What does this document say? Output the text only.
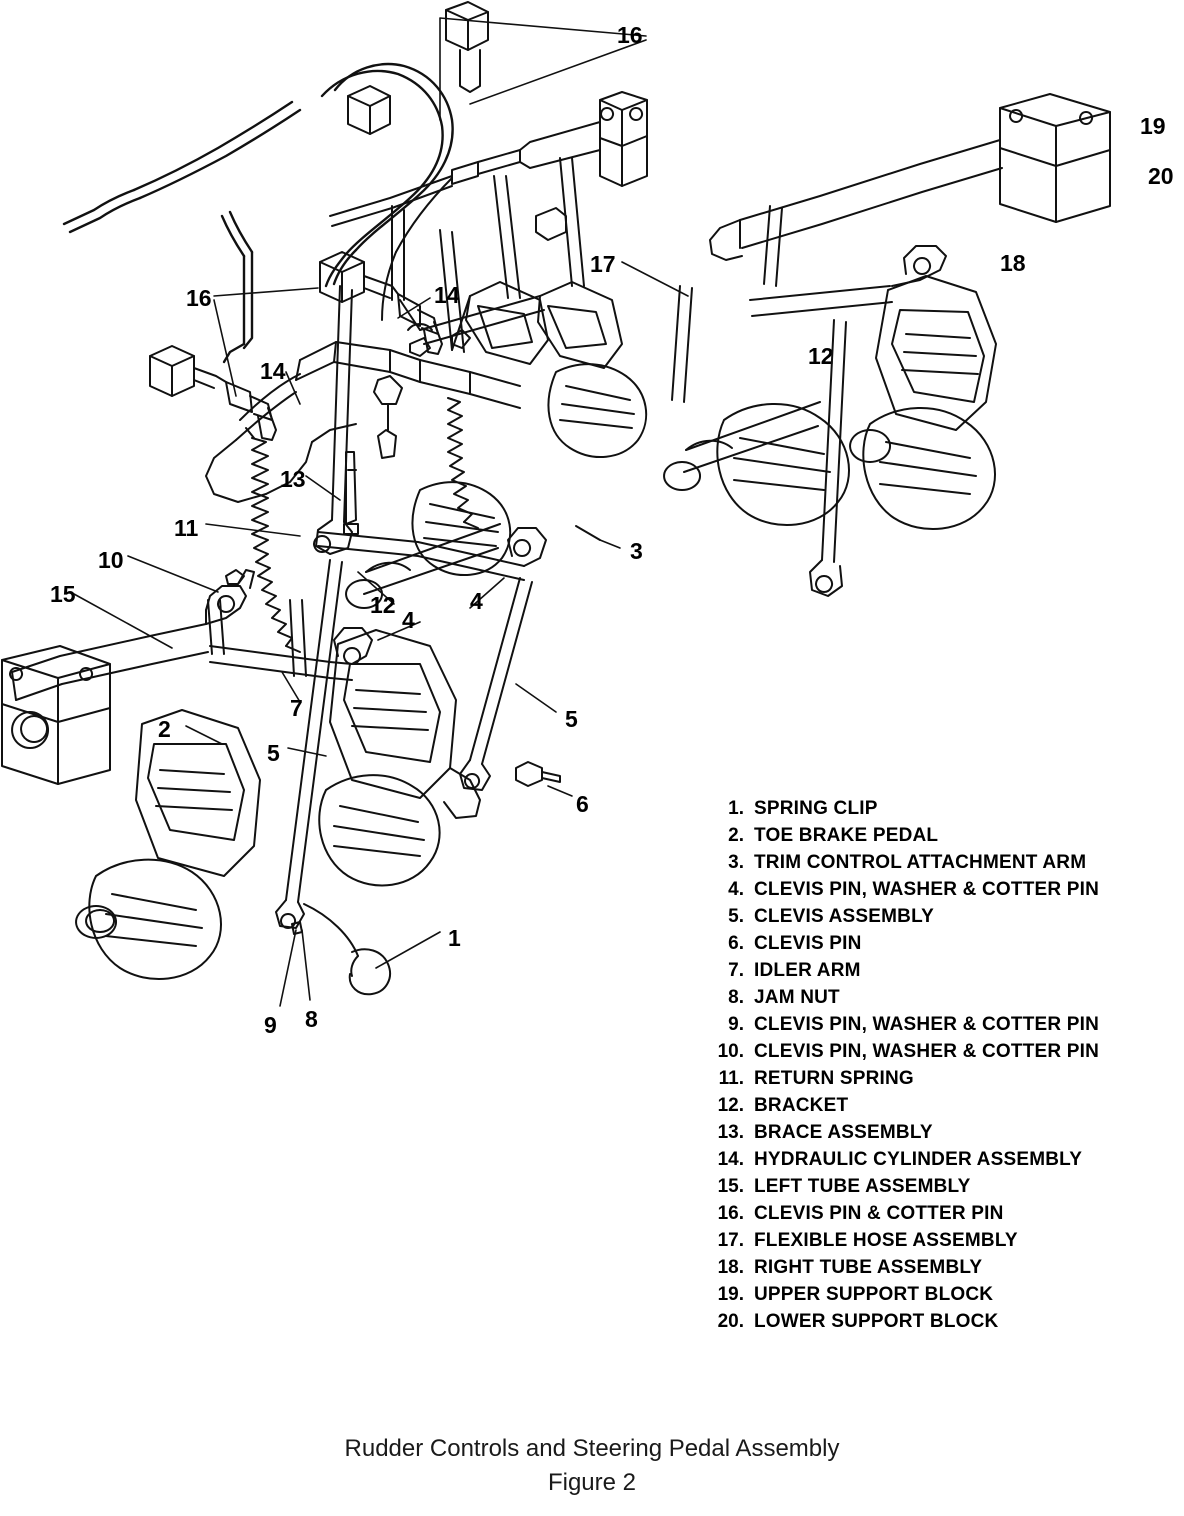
16
17
16	14
14
13
11
3
10
15	12	4
4
7	5
2
5
6
1
9 8
19
20
18
12
1. SPRING CLIP
2. TOE BRAKE PEDAL
3. TRIM CONTROL ATTACHMENT ARM
4. CLEVIS PIN, WASHER & COTTER PIN
5. CLEVIS ASSEMBLY
6. CLEVIS PIN
7. IDLER ARM
8. JAM NUT
9. CLEVIS PIN, WASHER & COTTER PIN
10. CLEVIS PIN, WASHER & COTTER PIN
11. RETURN SPRING
12. BRACKET
13. BRACE ASSEMBLY
14. HYDRAULIC CYLINDER ASSEMBLY
15. LEFT TUBE ASSEMBLY
16. CLEVIS PIN & COTTER PIN
17. FLEXIBLE HOSE ASSEMBLY
18. RIGHT TUBE ASSEMBLY
19. UPPER SUPPORT BLOCK
20. LOWER SUPPORT BLOCK
Rudder Controls and Steering Pedal Assembly
Figure 2
